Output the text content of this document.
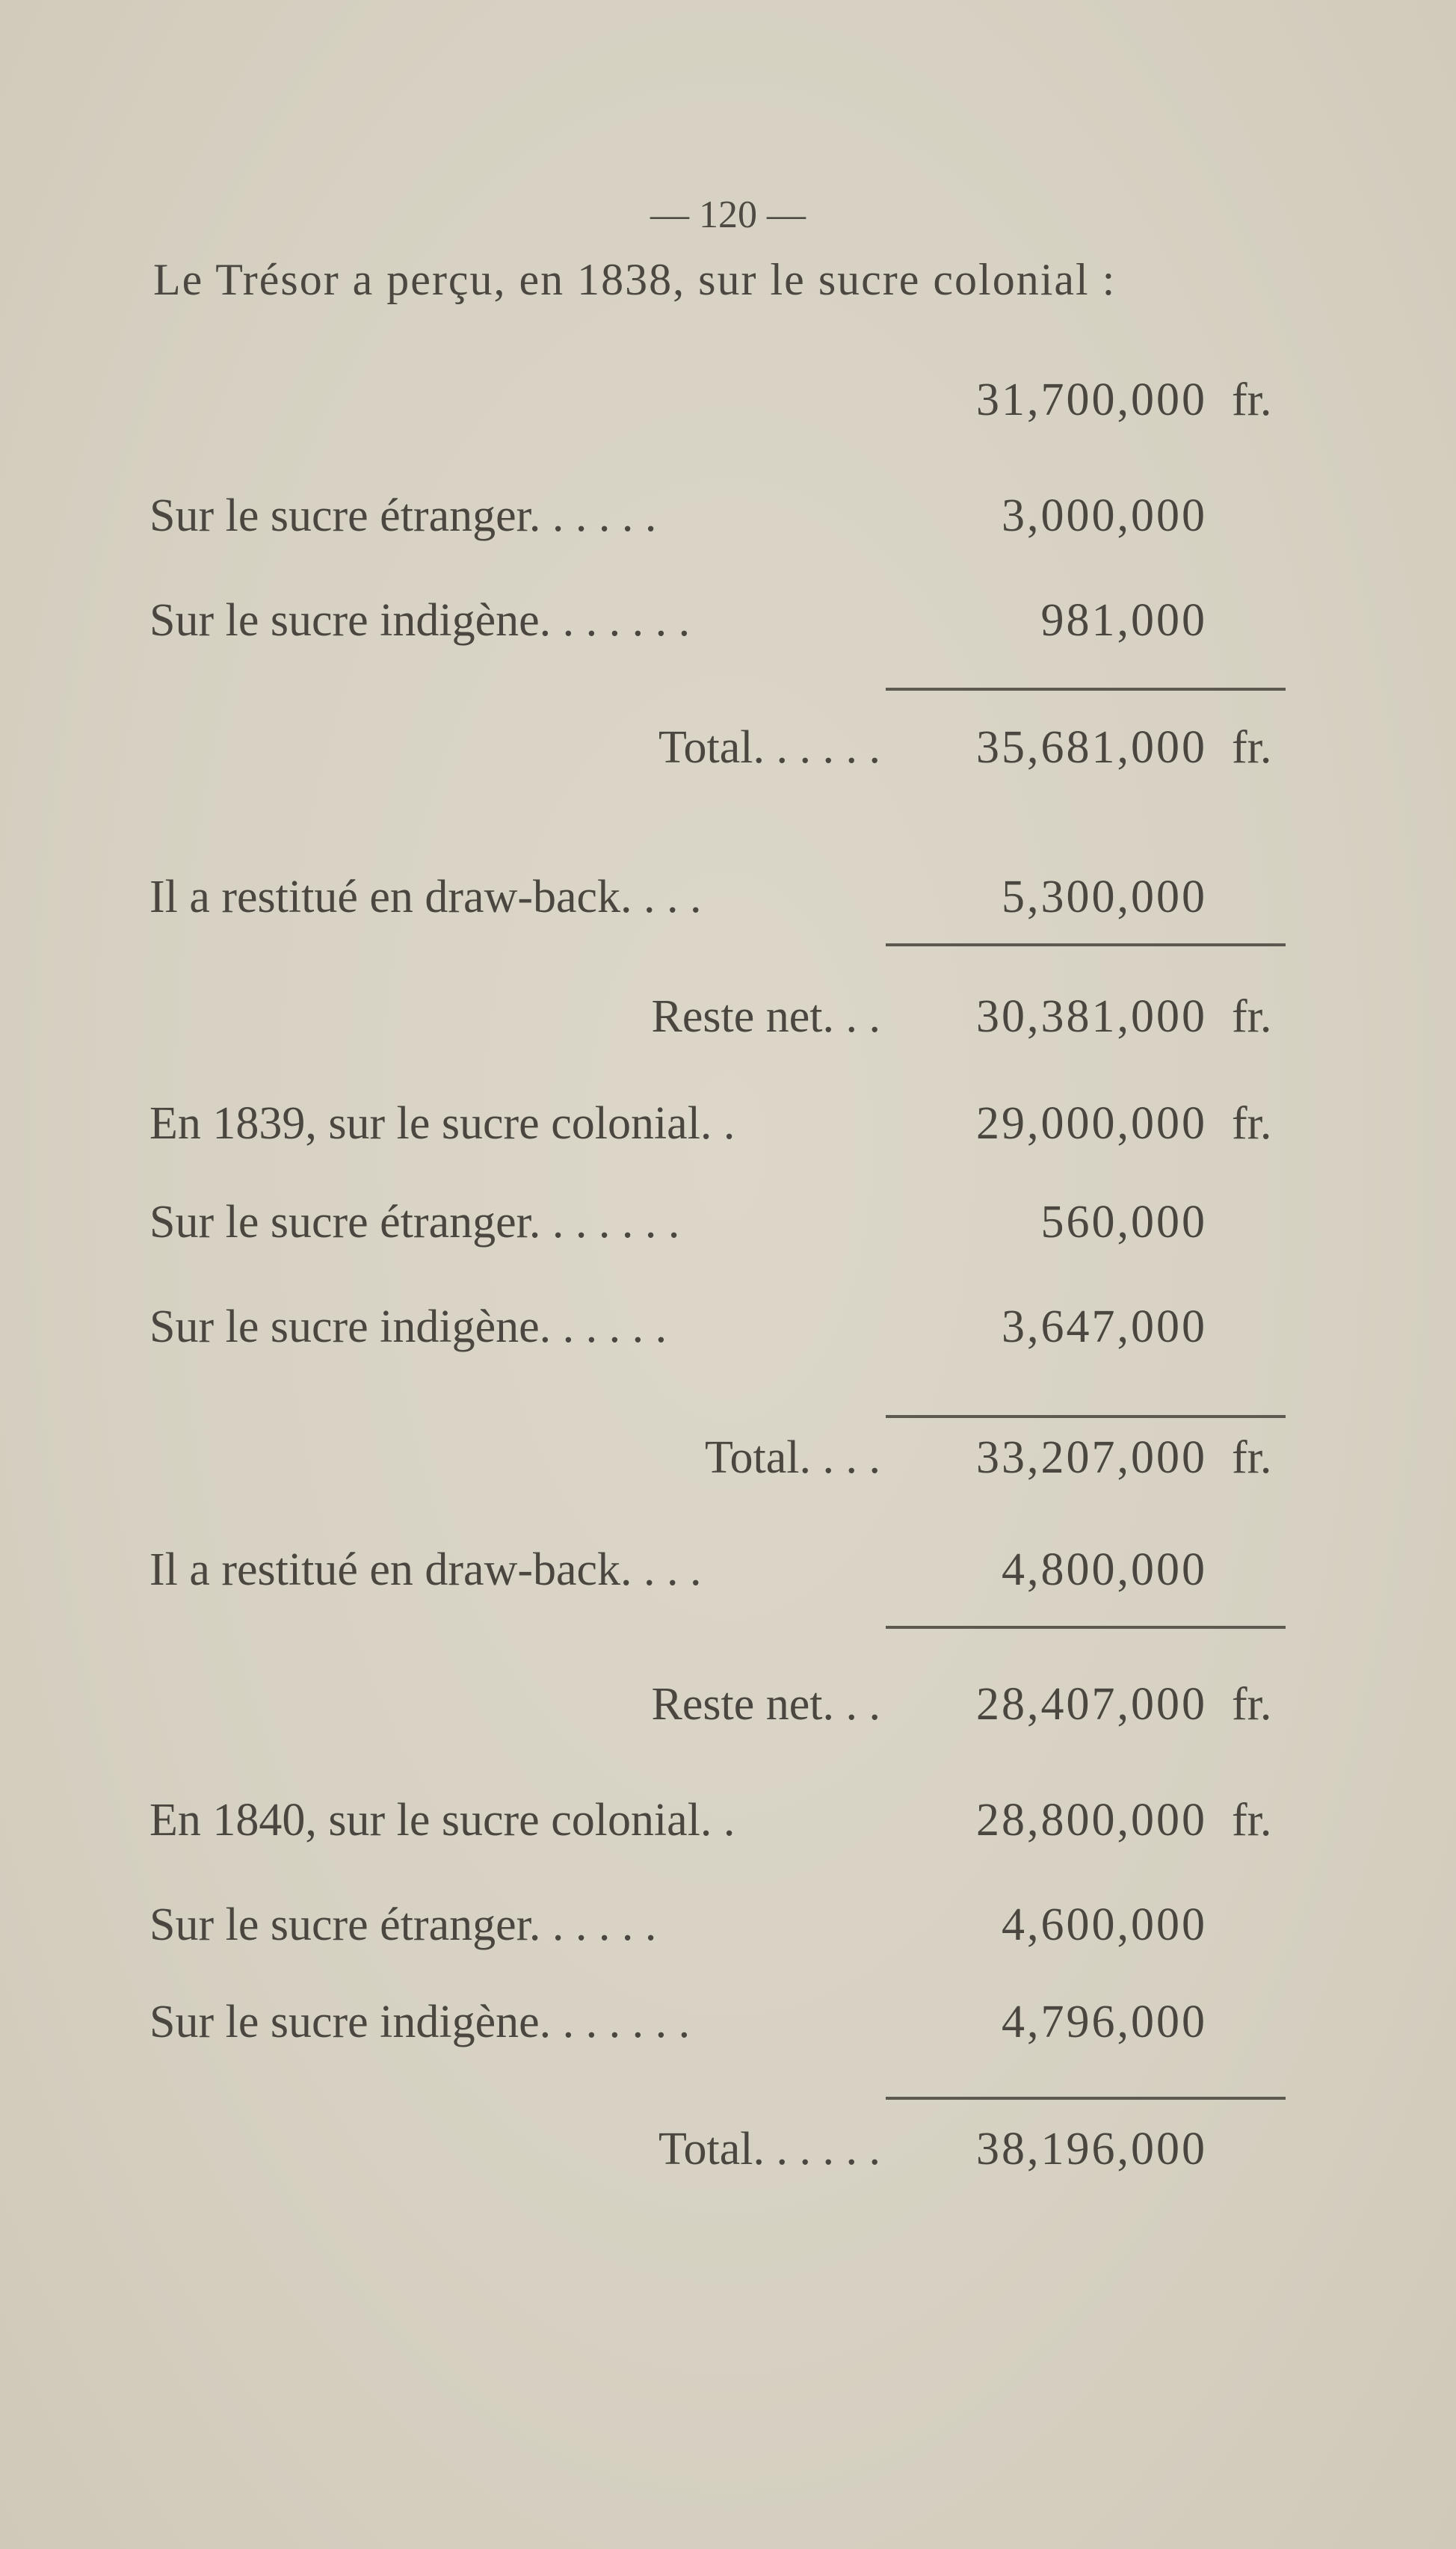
— 120 —
Le Trésor a perçu, en 1838, sur le sucre colonial :
31,700,000 fr.
Sur le sucre étranger. . . . . .	3,000,000
Sur le sucre indigène. . . . . . .	981,000
Total. . . . . .	35,681,000 fr.
Il a restitué en draw-back. . . .	5,300,000
Reste net. . .	30,381,000 fr.
En 1839, sur le sucre colonial. .	29,000,000 fr.
Sur le sucre étranger. . . . . . .	560,000
Sur le sucre indigène. . . . . .	3,647,000
Total. . . .	33,207,000 fr.
Il a restitué en draw-back. . . .	4,800,000
Reste net. . .	28,407,000 fr.
En 1840, sur le sucre colonial. .	28,800,000 fr.
Sur le sucre étranger. . . . . .	4,600,000
Sur le sucre indigène. . . . . . .	4,796,000
Total. . . . . .	38,196,000
